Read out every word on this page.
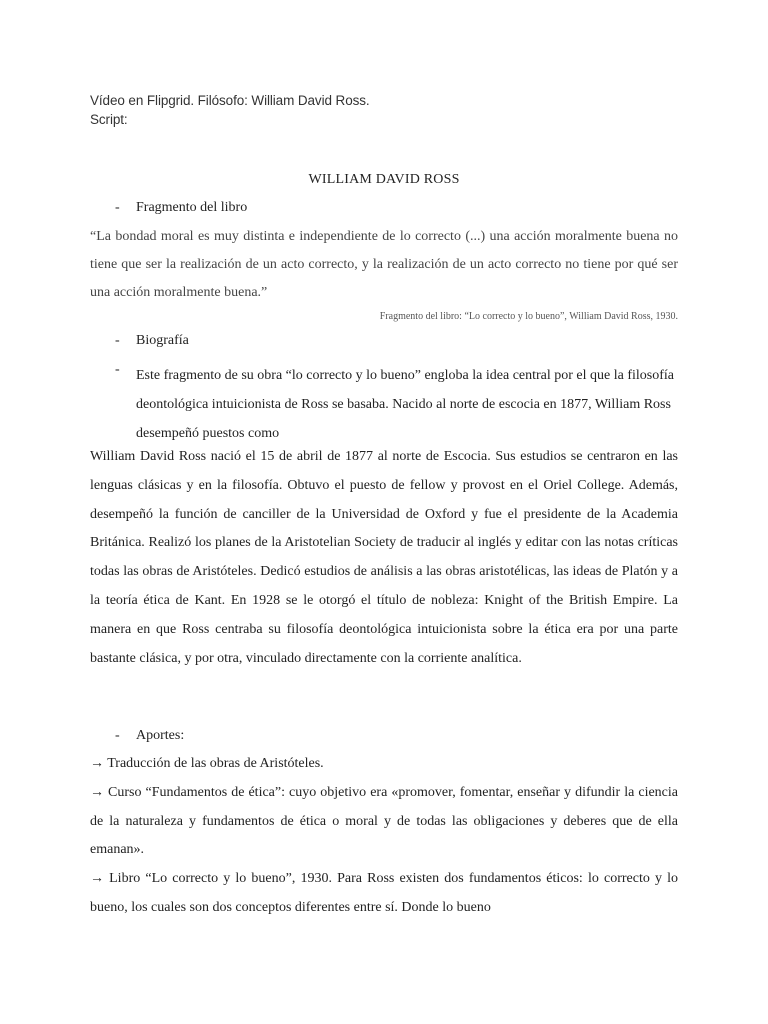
Vídeo en Flipgrid. Filósofo: William David Ross.
Script:
WILLIAM DAVID ROSS
- Fragmento del libro
“La bondad moral es muy distinta e independiente de lo correcto (...) una acción moralmente buena no tiene que ser la realización de un acto correcto, y la realización de un acto correcto no tiene por qué ser una acción moralmente buena.”
Fragmento del libro: “Lo correcto y lo bueno”, William David Ross, 1930.
- Biografía
- Este fragmento de su obra “lo correcto y lo bueno” engloba la idea central por el que la filosofía deontológica intuicionista de Ross se basaba. Nacido al norte de escocia en 1877, William Ross desempeñó puestos como
William David Ross nació el 15 de abril de 1877 al norte de Escocia. Sus estudios se centraron en las lenguas clásicas y en la filosofía. Obtuvo el puesto de fellow y provost en el Oriel College. Además, desempeñó la función de canciller de la Universidad de Oxford y fue el presidente de la Academia Británica. Realizó los planes de la Aristotelian Society de traducir al inglés y editar con las notas críticas todas las obras de Aristóteles. Dedicó estudios de análisis a las obras aristotélicas, las ideas de Platón y a la teoría ética de Kant. En 1928 se le otorgó el título de nobleza: Knight of the British Empire. La manera en que Ross centraba su filosofía deontológica intuicionista sobre la ética era por una parte bastante clásica, y por otra, vinculado directamente con la corriente analítica.
- Aportes:
→ Traducción de las obras de Aristóteles.
→ Curso “Fundamentos de ética”: cuyo objetivo era «promover, fomentar, enseñar y difundir la ciencia de la naturaleza y fundamentos de ética o moral y de todas las obligaciones y deberes que de ella emanan».
→ Libro “Lo correcto y lo bueno”, 1930. Para Ross existen dos fundamentos éticos: lo correcto y lo bueno, los cuales son dos conceptos diferentes entre sí. Donde lo bueno
